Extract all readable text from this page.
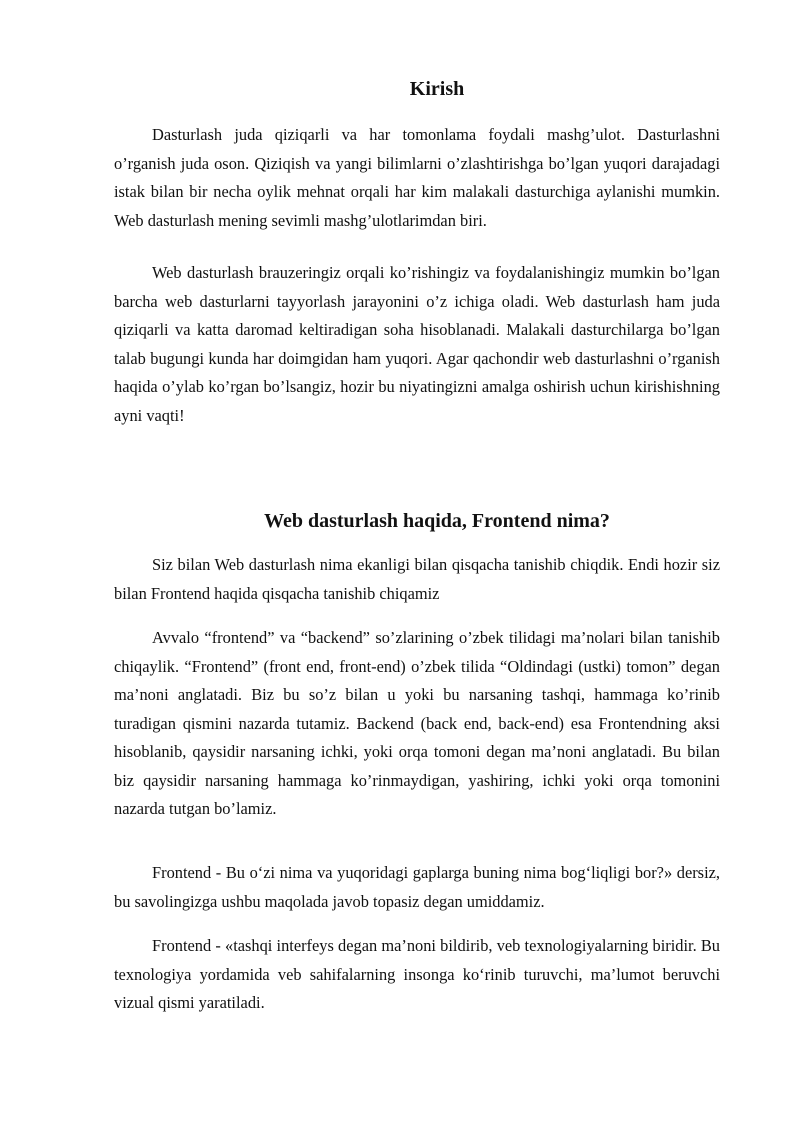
Kirish

Dasturlash juda qiziqarli va har tomonlama foydali mashg’ulot. Dasturlashni o’rganish juda oson. Qiziqish va yangi bilimlarni o’zlashtirishga bo’lgan yuqori darajadagi istak bilan bir necha oylik mehnat orqali har kim malakali dasturchiga aylanishi mumkin. Web dasturlash mening sevimli mashg’ulotlarimdan biri.

Web dasturlash brauzeringiz orqali ko’rishingiz va foydalanishingiz mumkin bo’lgan barcha web dasturlarni tayyorlash jarayonini o’z ichiga oladi. Web dasturlash ham juda qiziqarli va katta daromad keltiradigan soha hisoblanadi. Malakali dasturchilarga bo’lgan talab bugungi kunda har doimgidan ham yuqori. Agar qachondir web dasturlashni o’rganish haqida o’ylab ko’rgan bo’lsangiz, hozir bu niyatingizni amalga oshirish uchun kirishishning ayni vaqti!

Web dasturlash haqida, Frontend nima?

Siz bilan Web dasturlash nima ekanligi bilan qisqacha tanishib chiqdik. Endi hozir siz bilan Frontend haqida qisqacha tanishib chiqamiz

Avvalo “frontend” va “backend” so’zlarining o’zbek tilidagi ma’nolari bilan tanishib chiqaylik. “Frontend” (front end, front-end) o’zbek tilida “Oldindagi (ustki) tomon” degan ma’noni anglatadi. Biz bu so’z bilan u yoki bu narsaning tashqi, hammaga ko’rinib turadigan qismini nazarda tutamiz. Backend (back end, back-end) esa Frontendning aksi hisoblanib, qaysidir narsaning ichki, yoki orqa tomoni degan ma’noni anglatadi. Bu bilan biz qaysidir narsaning hammaga ko’rinmaydigan, yashiring, ichki yoki orqa tomonini nazarda tutgan bo’lamiz.

Frontend - Bu o‘zi nima va yuqoridagi gaplarga buning nima bog‘liqligi bor?» dersiz, bu savolingizga ushbu maqolada javob topasiz degan umiddamiz.

Frontend - «tashqi interfeys degan ma’noni bildirib, veb texnologiyalarning biridir. Bu texnologiya yordamida veb sahifalarning insonga ko‘rinib turuvchi, ma’lumot beruvchi vizual qismi yaratiladi.
